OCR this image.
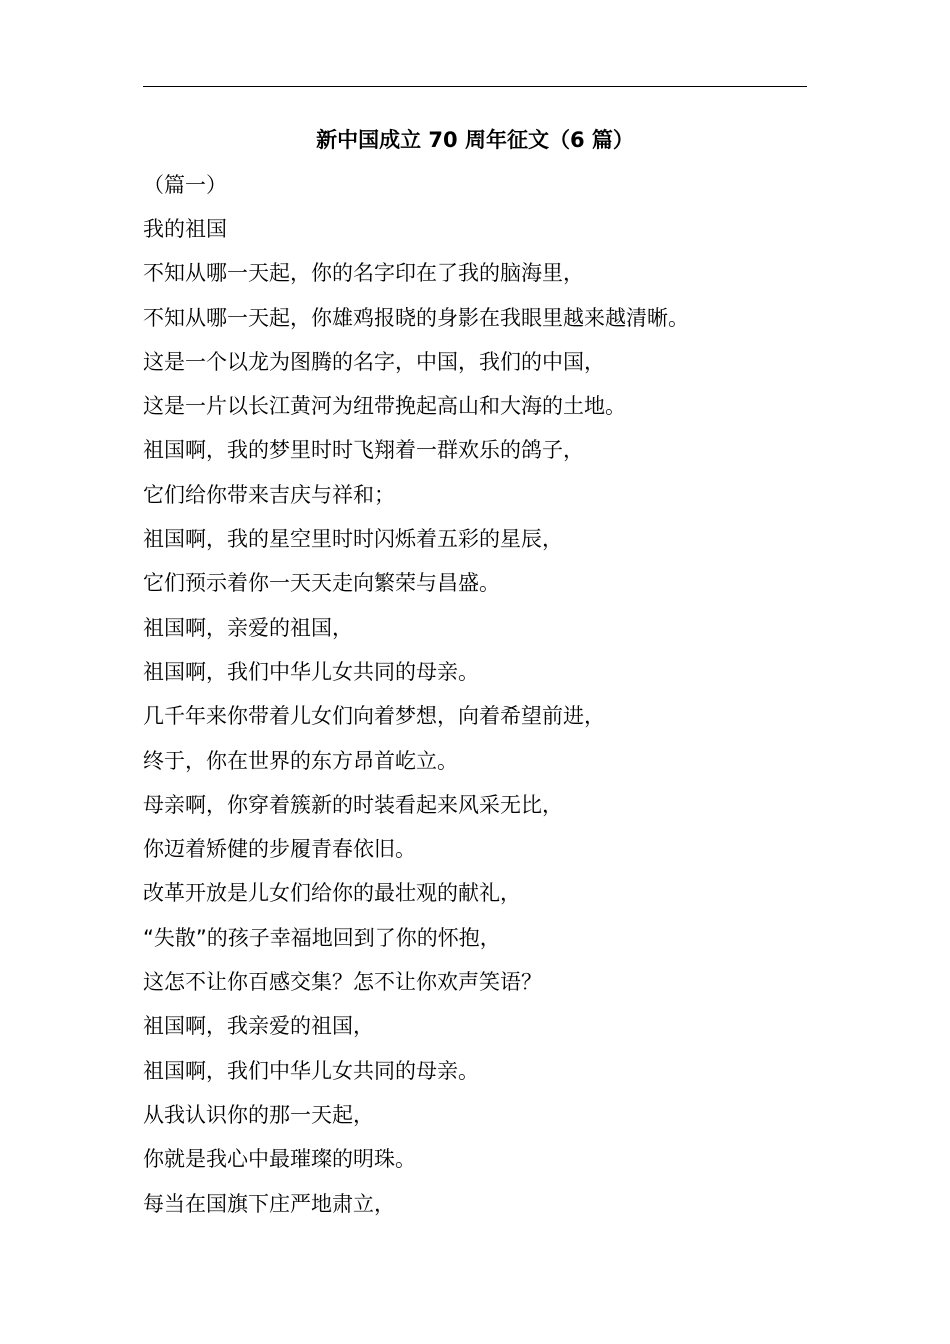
新中国成立 70 周年征文（6 篇）
（篇一）
我的祖国
不知从哪一天起，你的名字印在了我的脑海里，
不知从哪一天起，你雄鸡报晓的身影在我眼里越来越清晰。
这是一个以龙为图腾的名字，中国，我们的中国，
这是一片以长江黄河为纽带挽起高山和大海的土地。
祖国啊，我的梦里时时飞翔着一群欢乐的鸽子，
它们给你带来吉庆与祥和；
祖国啊，我的星空里时时闪烁着五彩的星辰，
它们预示着你一天天走向繁荣与昌盛。
祖国啊，亲爱的祖国，
祖国啊，我们中华儿女共同的母亲。
几千年来你带着儿女们向着梦想，向着希望前进，
终于，你在世界的东方昂首屹立。
母亲啊，你穿着簇新的时装看起来风采无比，
你迈着矫健的步履青春依旧。
改革开放是儿女们给你的最壮观的献礼，
“失散”的孩子幸福地回到了你的怀抱，
这怎不让你百感交集？怎不让你欢声笑语？
祖国啊，我亲爱的祖国，
祖国啊，我们中华儿女共同的母亲。
从我认识你的那一天起，
你就是我心中最璀璨的明珠。
每当在国旗下庄严地肃立，
